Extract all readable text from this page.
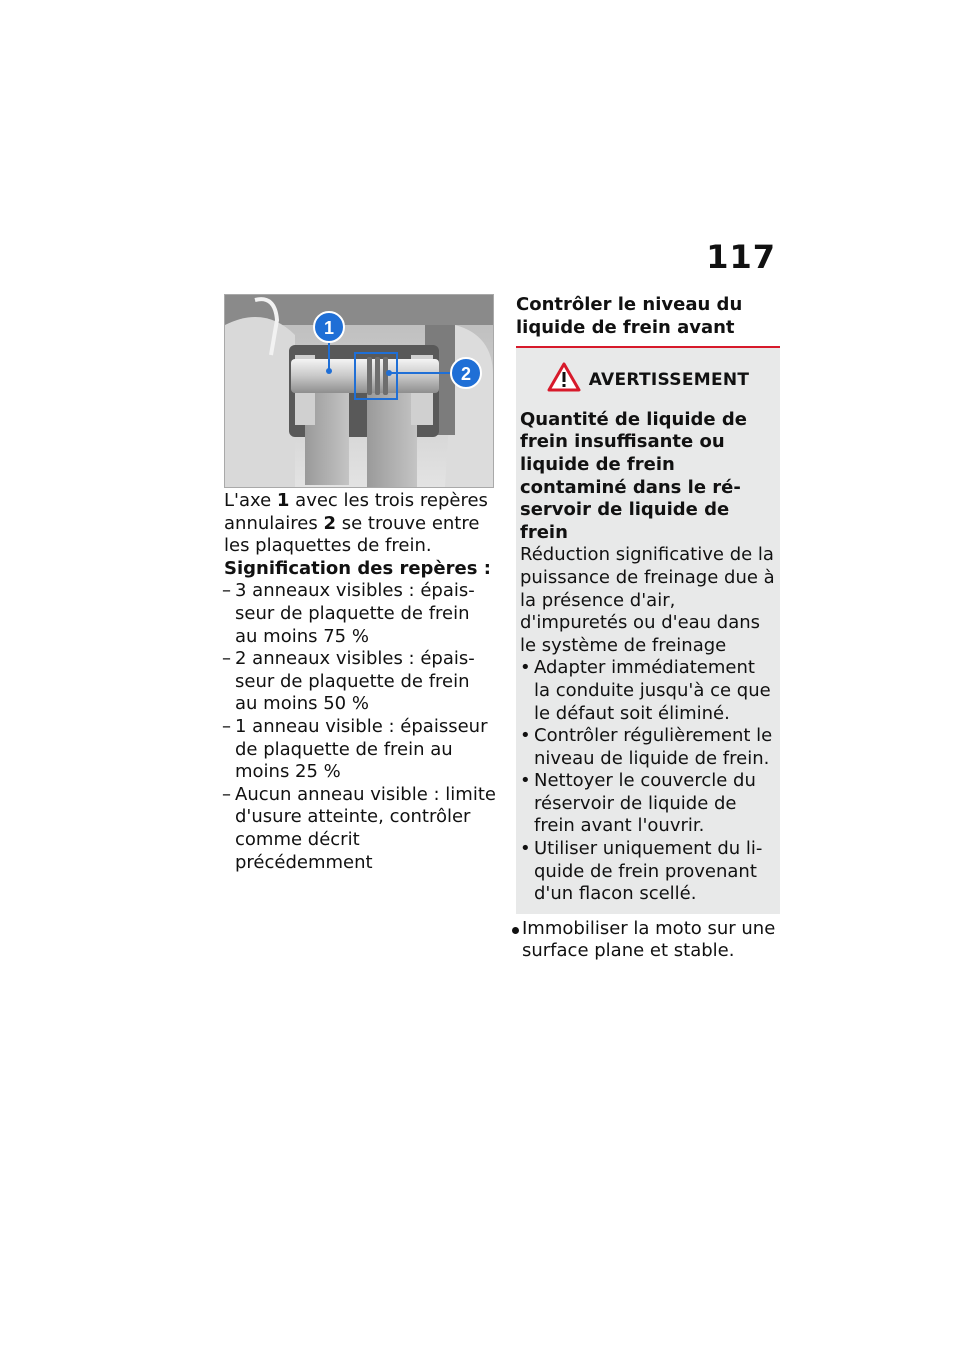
117
1
2

L'axe 1 avec les trois repères annulaires 2 se trouve entre les plaquettes de frein.

Signification des repères :

– 3 anneaux visibles : épaisseur de plaquette de frein au moins 75 %
– 2 anneaux visibles : épaisseur de plaquette de frein au moins 50 %
– 1 anneau visible : épaisseur de plaquette de frein au moins 25 %
– Aucun anneau visible : limite d'usure atteinte, contrôler comme décrit précédemment
Contrôler le niveau du liquide de frein avant
AVERTISSEMENT

Quantité de liquide de frein insuffisante ou liquide de frein contaminé dans le réservoir de liquide de frein

Réduction significative de la puissance de freinage due à la présence d'air, d'impuretés ou d'eau dans le système de freinage

• Adapter immédiatement la conduite jusqu'à ce que le défaut soit éliminé.
• Contrôler régulièrement le niveau de liquide de frein.
• Nettoyer le couvercle du réservoir de liquide de frein avant l'ouvrir.
• Utiliser uniquement du liquide de frein provenant d'un flacon scellé.
Immobiliser la moto sur une surface plane et stable.
